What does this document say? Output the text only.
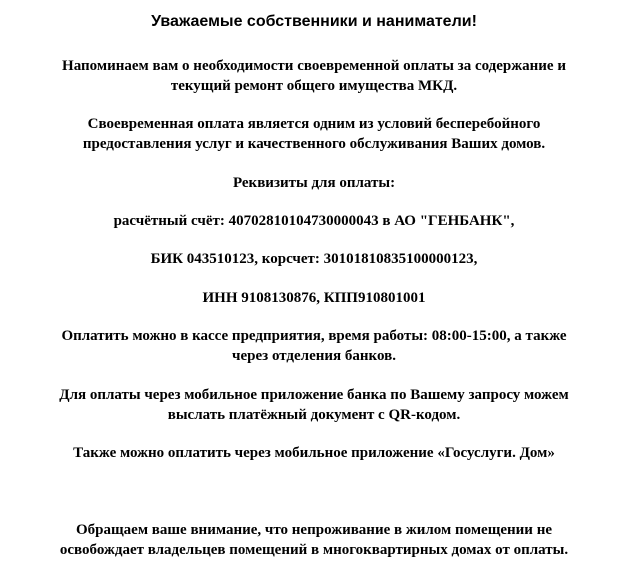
Уважаемые собственники и наниматели!

Напоминаем вам о необходимости своевременной оплаты за содержание и
текущий ремонт общего имущества МКД.

Своевременная оплата является одним из условий бесперебойного
предоставления услуг и качественного обслуживания Ваших домов.

Реквизиты для оплаты:

расчётный счёт: 40702810104730000043 в АО "ГЕНБАНК",

БИК 043510123, корсчет: 30101810835100000123,

ИНН 9108130876, КПП910801001

Оплатить можно в кассе предприятия, время работы: 08:00-15:00, а также
через отделения банков.

Для оплаты через мобильное приложение банка по Вашему запросу можем
выслать платёжный документ с QR-кодом.

Также можно оплатить через мобильное приложение «Госуслуги. Дом»

Обращаем ваше внимание, что непроживание в жилом помещении не
освобождает владельцев помещений в многоквартирных домах от оплаты.
